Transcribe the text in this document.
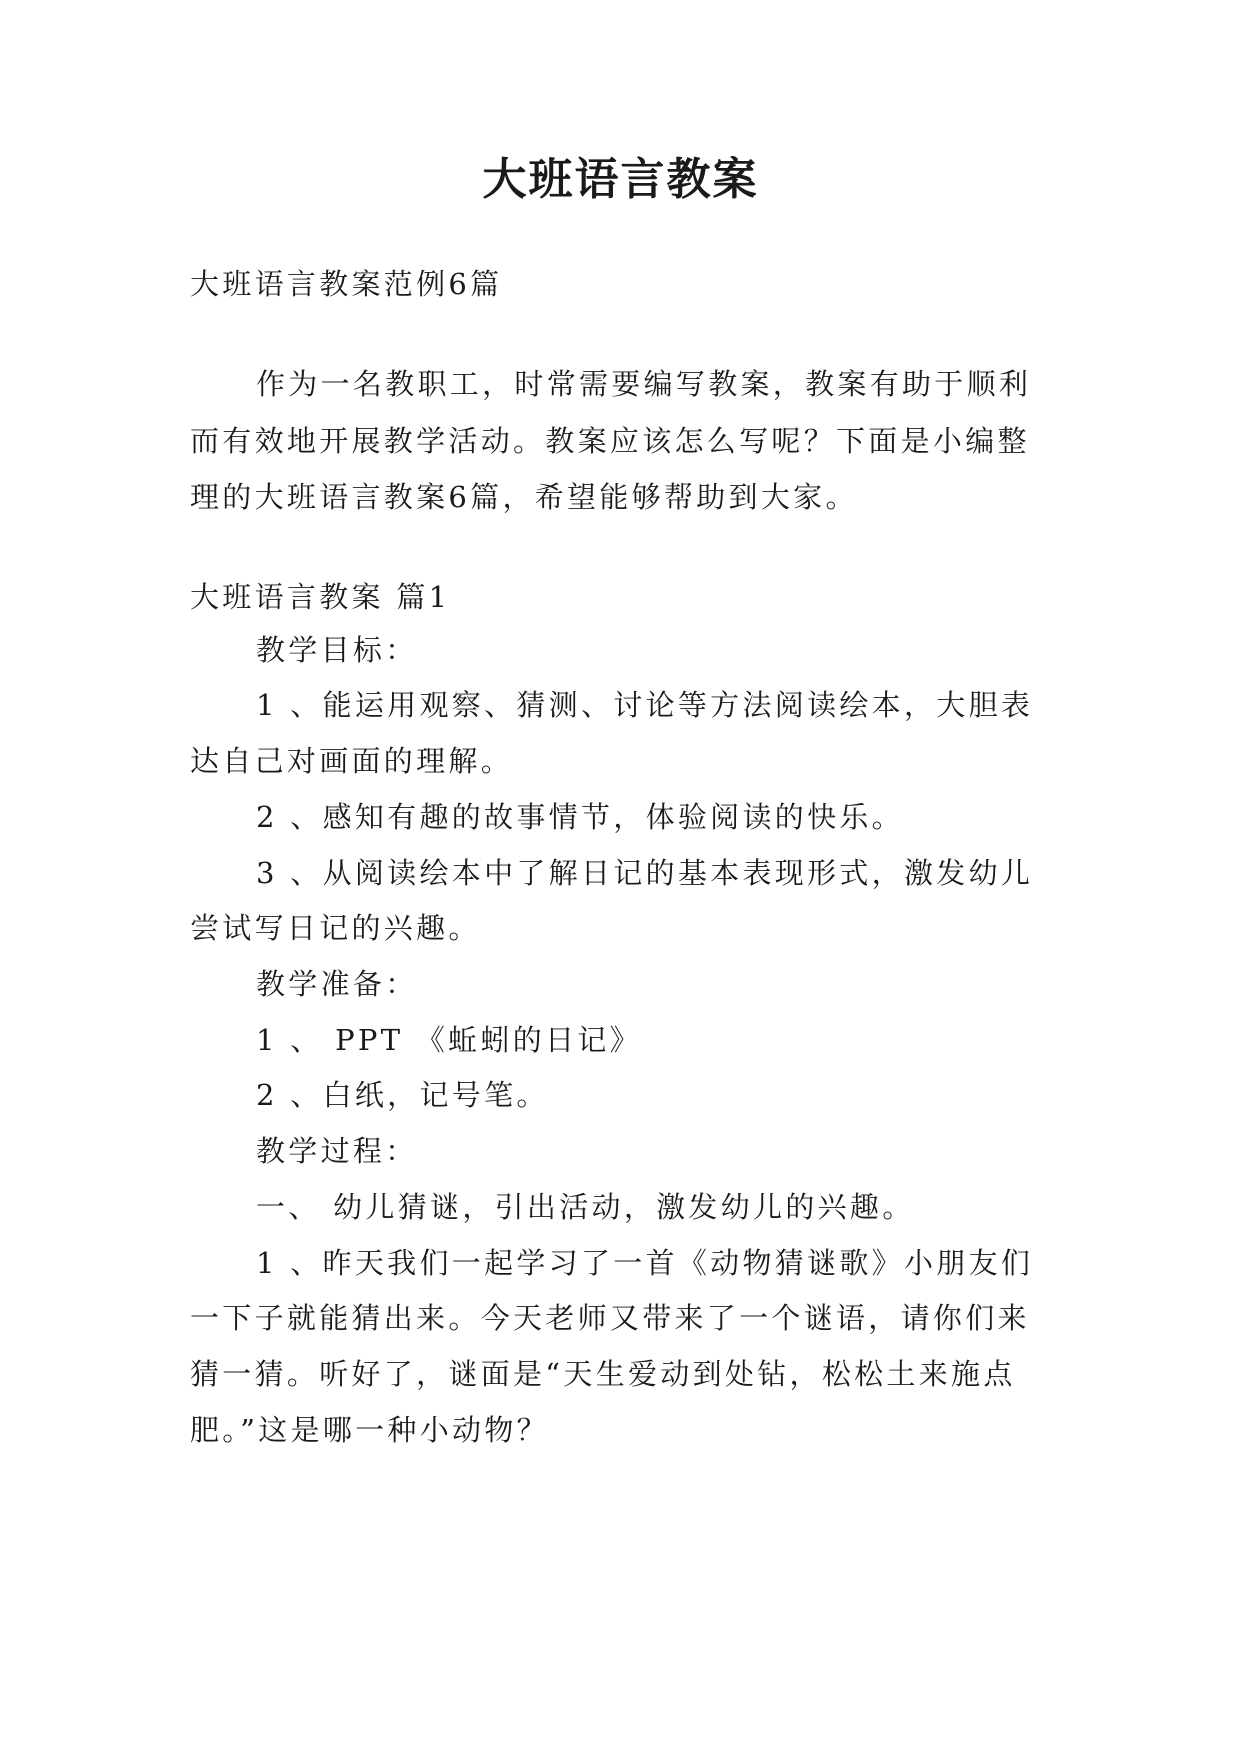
大班语言教案
大班语言教案范例6篇
作为一名教职工，时常需要编写教案，教案有助于顺利
而有效地开展教学活动。教案应该怎么写呢？下面是小编整
理的大班语言教案6篇，希望能够帮助到大家。
大班语言教案 篇1
教学目标：
1 、能运用观察、猜测、讨论等方法阅读绘本，大胆表
达自己对画面的理解。
2 、感知有趣的故事情节，体验阅读的快乐。
3 、从阅读绘本中了解日记的基本表现形式，激发幼儿
尝试写日记的兴趣。
教学准备：
1 、 PPT 《蚯蚓的日记》
2 、白纸，记号笔。
教学过程：
一、 幼儿猜谜，引出活动，激发幼儿的兴趣。
1 、昨天我们一起学习了一首《动物猜谜歌》小朋友们
一下子就能猜出来。今天老师又带来了一个谜语，请你们来
猜一猜。听好了，谜面是“天生爱动到处钻，松松土来施点
肥。”这是哪一种小动物？
